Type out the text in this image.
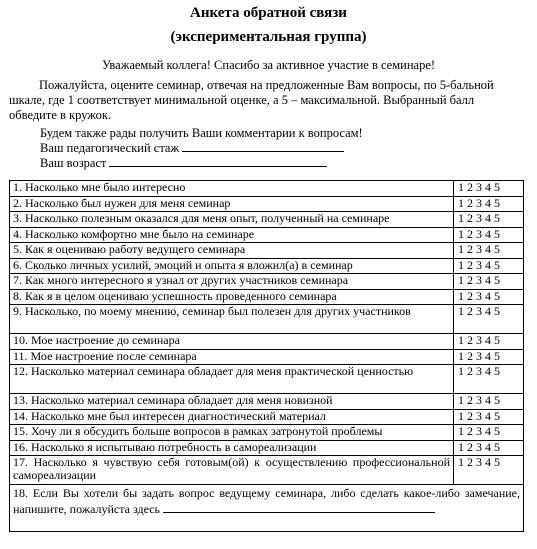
Анкета обратной связи
(экспериментальная группа)
Уважаемый коллега! Спасибо за активное участие в семинаре!
Пожалуйста, оцените семинар, отвечая на предложенные Вам вопросы, по 5-бальной шкале, где 1 соответствует минимальной оценке, а 5 – максимальной. Выбранный балл обведите в кружок.
Будем также рады получить Ваши комментарии к вопросам!
Ваш педагогический стаж
Ваш возраст
1. Насколько мне было интересно	1 2 3 4 5
2. Насколько был нужен для меня семинар	1 2 3 4 5
3. Насколько полезным оказался для меня опыт, полученный на семинаре	1 2 3 4 5
4. Насколько комфортно мне было на семинаре	1 2 3 4 5
5. Как я оцениваю работу ведущего семинара	1 2 3 4 5
6. Сколько личных усилий, эмоций и опыта я вложил(а) в семинар	1 2 3 4 5
7. Как много интересного я узнал от других участников семинара	1 2 3 4 5
8. Как я в целом оцениваю успешность проведенного семинара	1 2 3 4 5
9. Насколько, по моему мнению, семинар был полезен для других участников	1 2 3 4 5
10. Мое настроение до семинара	1 2 3 4 5
11. Мое настроение после семинара	1 2 3 4 5
12. Насколько материал семинара обладает для меня практической ценностью	1 2 3 4 5
13. Насколько материал семинара обладает для меня новизной	1 2 3 4 5
14. Насколько мне был интересен диагностический материал	1 2 3 4 5
15. Хочу ли я обсудить больше вопросов в рамках затронутой проблемы	1 2 3 4 5
16. Насколько я испытываю потребность в самореализации	1 2 3 4 5
17. Насколько я чувствую себя готовым(ой) к осуществлению профессиональной самореализации	1 2 3 4 5
18. Если Вы хотели бы задать вопрос ведущему семинара, либо сделать какое-либо замечание, напишите, пожалуйста здесь	
